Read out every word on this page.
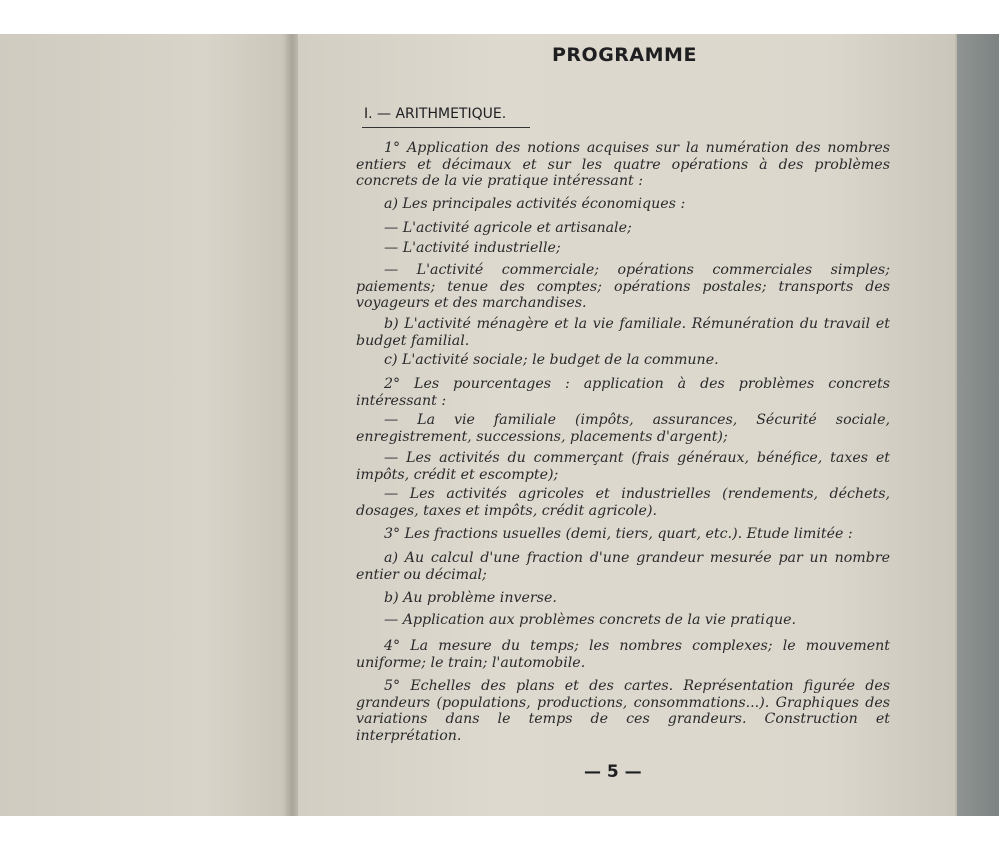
PROGRAMME
I. — ARITHMETIQUE.

1° Application des notions acquises sur la numération des nombres entiers et décimaux et sur les quatre opérations à des problèmes concrets de la vie pratique intéressant :

a) Les principales activités économiques :

— L'activité agricole et artisanale;

— L'activité industrielle;

— L'activité commerciale; opérations commerciales simples; paiements; tenue des comptes; opérations postales; transports des voyageurs et des marchandises.

b) L'activité ménagère et la vie familiale. Rémunération du travail et budget familial.

c) L'activité sociale; le budget de la commune.

2° Les pourcentages : application à des problèmes concrets intéressant :

— La vie familiale (impôts, assurances, Sécurité sociale, enregistrement, successions, placements d'argent);

— Les activités du commerçant (frais généraux, bénéfice, taxes et impôts, crédit et escompte);

— Les activités agricoles et industrielles (rendements, déchets, dosages, taxes et impôts, crédit agricole).

3° Les fractions usuelles (demi, tiers, quart, etc.). Etude limitée :

a) Au calcul d'une fraction d'une grandeur mesurée par un nombre entier ou décimal;

b) Au problème inverse.

— Application aux problèmes concrets de la vie pratique.

4° La mesure du temps; les nombres complexes; le mouvement uniforme; le train; l'automobile.

5° Echelles des plans et des cartes. Représentation figurée des grandeurs (populations, productions, consommations...). Graphiques des variations dans le temps de ces grandeurs. Construction et interprétation.

— 5 —
